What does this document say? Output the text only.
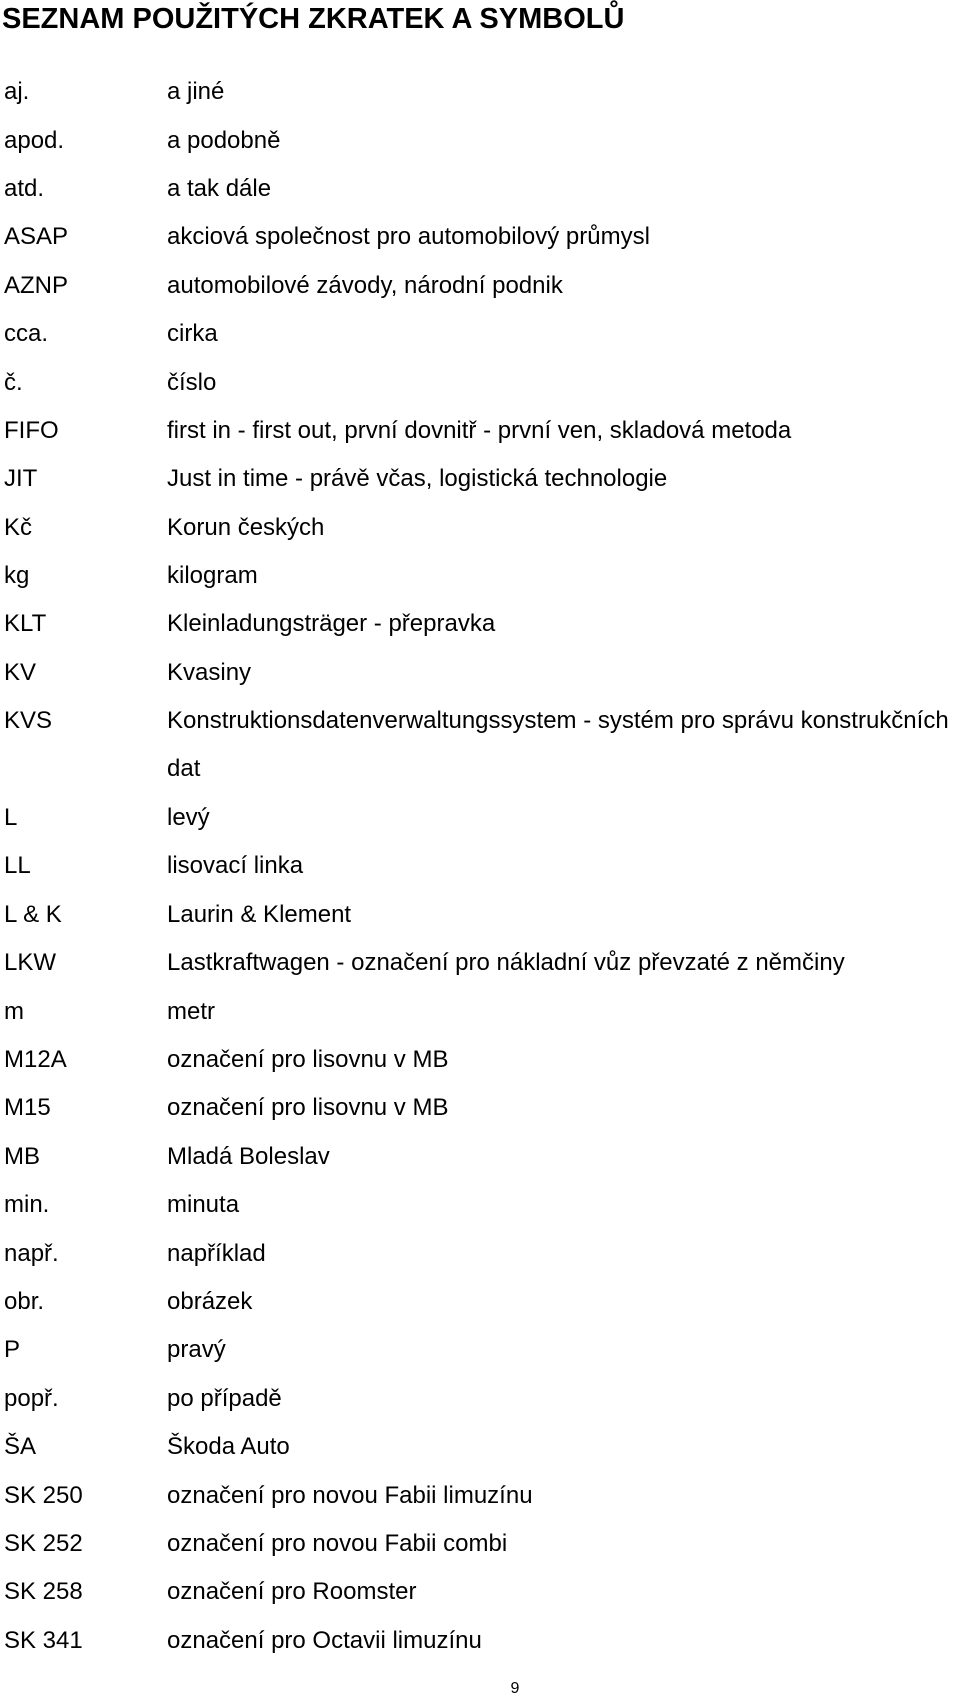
SEZNAM POUŽITÝCH ZKRATEK A SYMBOLŮ
aj.	a jiné
apod.	a podobně
atd.	a tak dále
ASAP	akciová společnost pro automobilový průmysl
AZNP	automobilové závody, národní podnik
cca.	cirka
č.	číslo
FIFO	first in - first out, první dovnitř - první ven, skladová metoda
JIT	Just in time - právě včas, logistická technologie
Kč	Korun českých
kg	kilogram
KLT	Kleinladungsträger - přepravka
KV	Kvasiny
KVS	Konstruktionsdatenverwaltungssystem - systém pro správu konstrukčních dat
L	levý
LL	lisovací linka
L & K	Laurin & Klement
LKW	Lastkraftwagen - označení pro nákladní vůz převzaté z němčiny
m	metr
M12A	označení pro lisovnu v MB
M15	označení pro lisovnu v MB
MB	Mladá Boleslav
min.	minuta
např.	například
obr.	obrázek
P	pravý
popř.	po případě
ŠA	Škoda Auto
SK 250	označení pro novou Fabii limuzínu
SK 252	označení pro novou Fabii combi
SK 258	označení pro Roomster
SK 341	označení pro Octavii limuzínu
9
